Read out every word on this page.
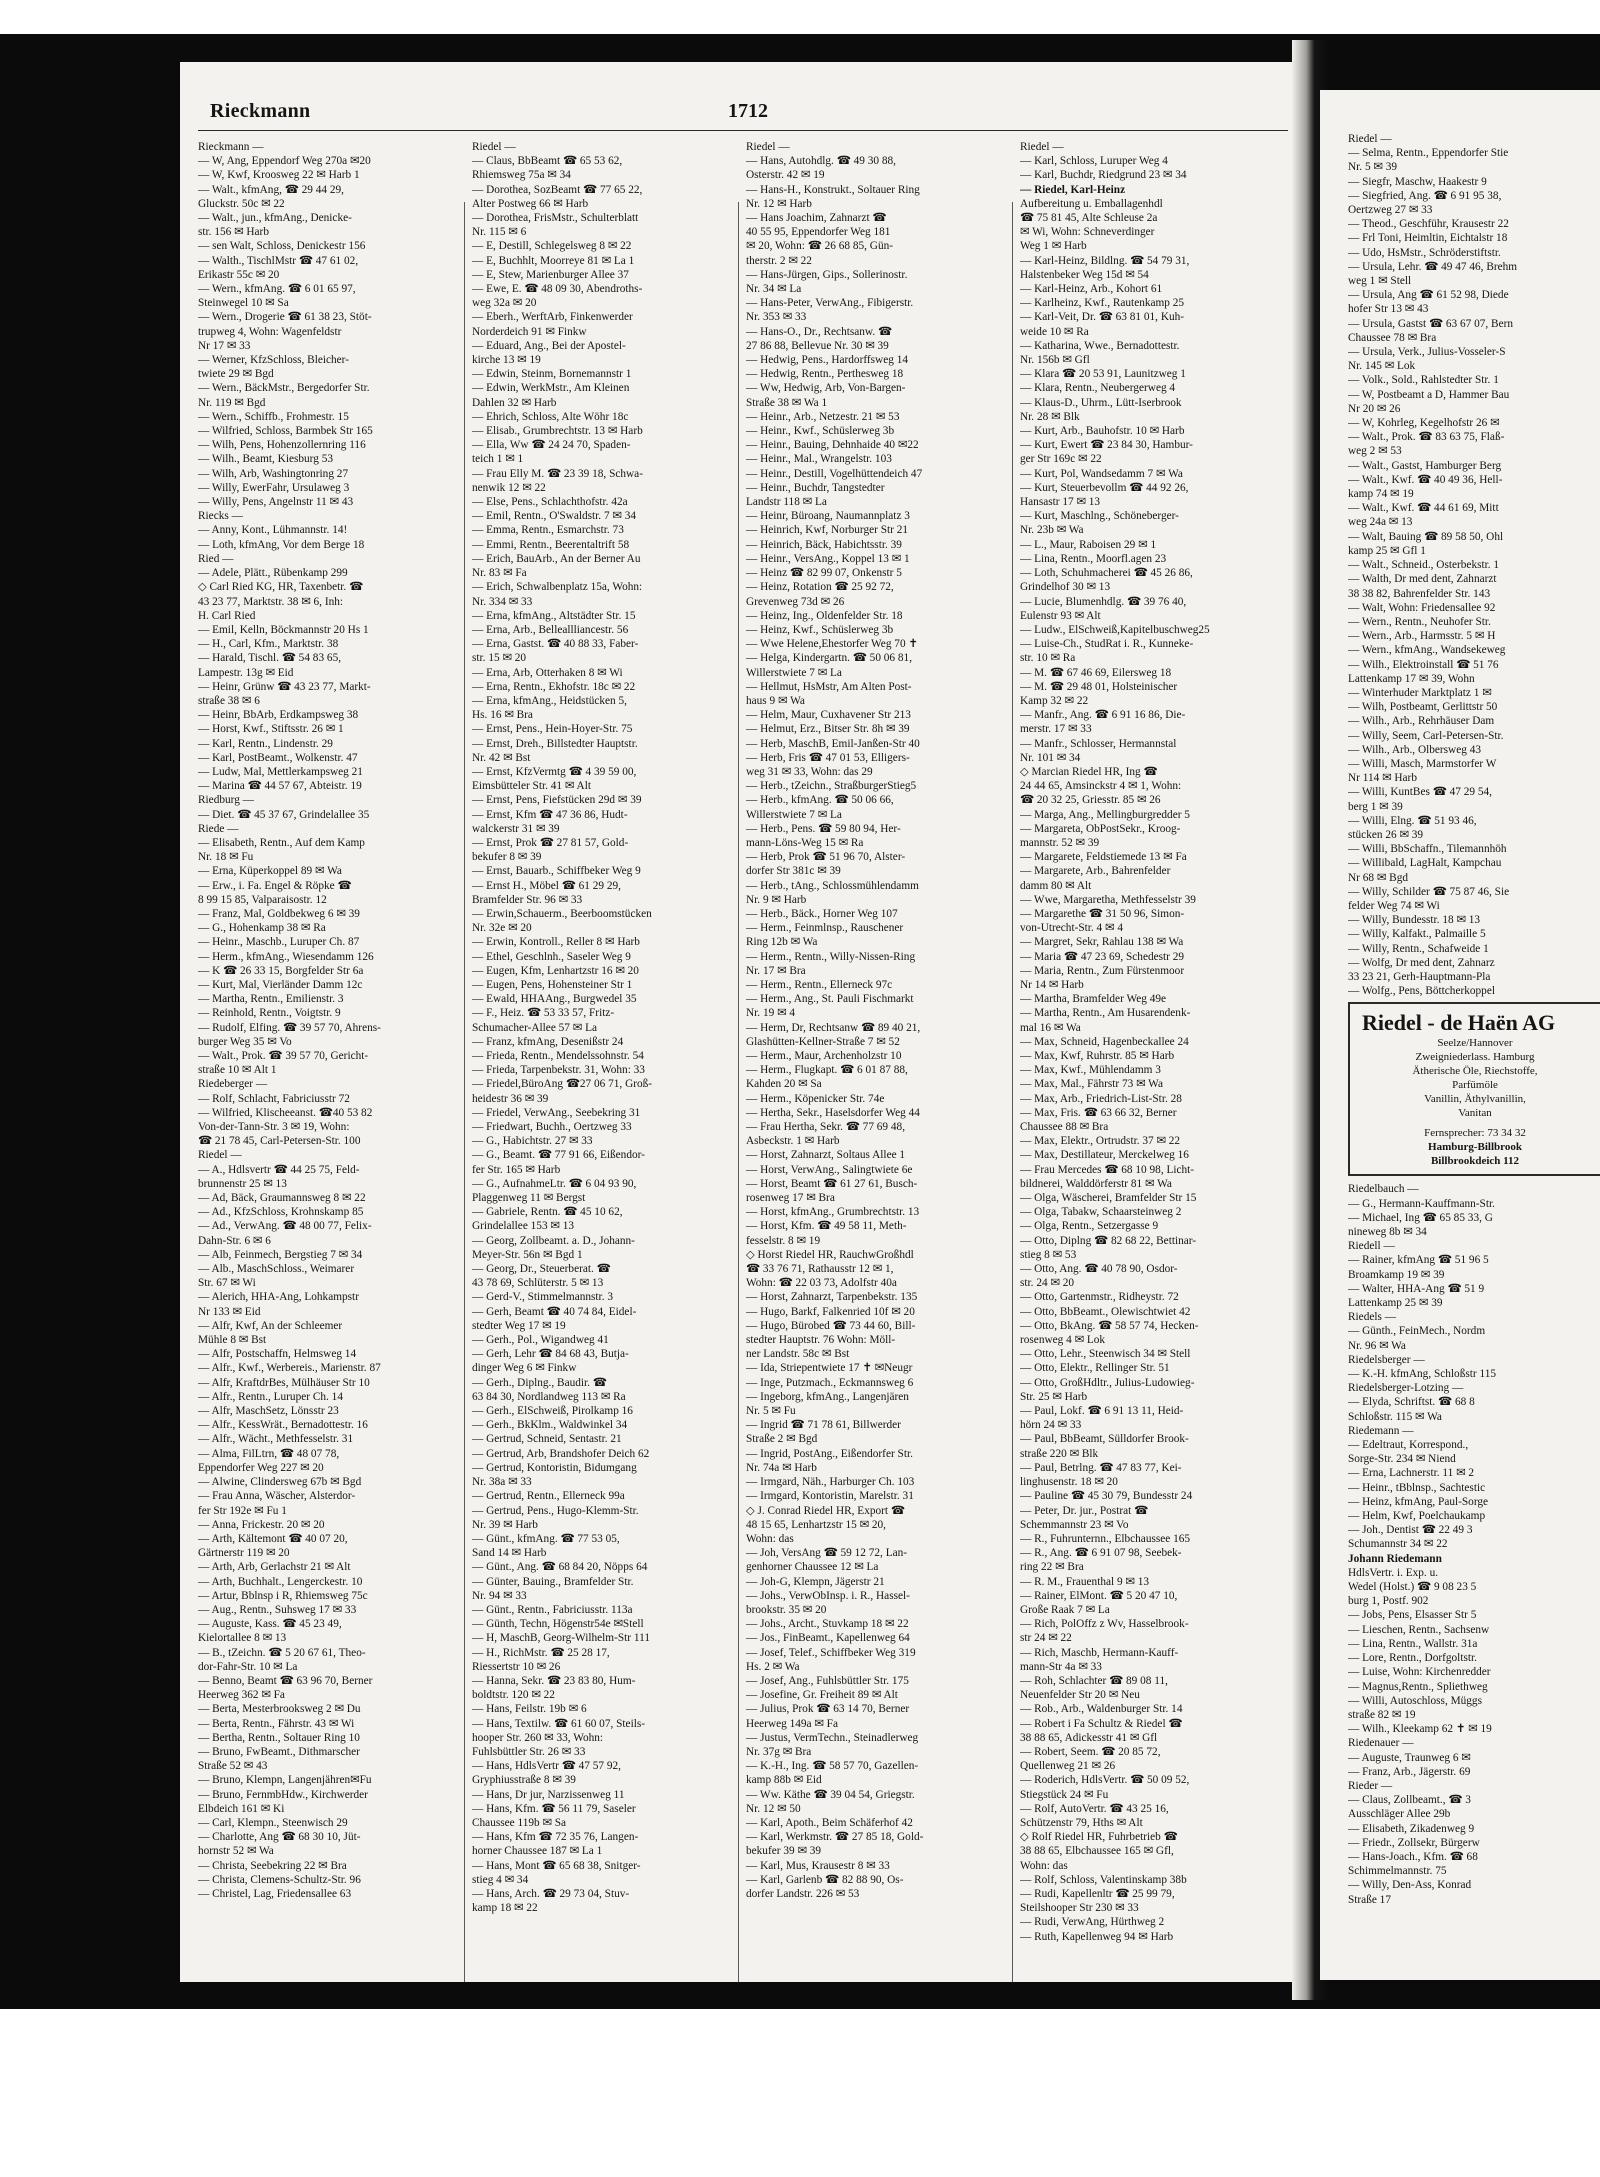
Rieckmann	1712
Rieckmann —
— W, Ang, Eppendorf Weg 270a ✉20
— W, Kwf, Kroosweg 22 ✉ Harb 1
— Walt., kfmAng, ☎ 29 44 29,
Gluckstr. 50c ✉ 22
— Walt., jun., kfmAng., Denicke-
str. 156 ✉ Harb
— sen Walt, Schloss, Denickestr 156
— Walth., TischlMstr ☎ 47 61 02,
Erikastr 55c ✉ 20
— Wern., kfmAng. ☎ 6 01 65 97,
Steinwegel 10 ✉ Sa
— Wern., Drogerie ☎ 61 38 23, Stöt-
trupweg 4, Wohn: Wagenfeldstr
Nr 17 ✉ 33
— Werner, KfzSchloss, Bleicher-
twiete 29 ✉ Bgd
— Wern., BäckMstr., Bergedorfer Str.
Nr. 119 ✉ Bgd
— Wern., Schiffb., Frohmestr. 15
— Wilfried, Schloss, Barmbek Str 165
— Wilh, Pens, Hohenzollernring 116
— Wilh., Beamt, Kiesburg 53
— Wilh, Arb, Washingtonring 27
— Willy, EwerFahr, Ursulaweg 3
— Willy, Pens, Angelnstr 11 ✉ 43
Riecks —
— Anny, Kont., Lühmannstr. 14!
— Loth, kfmAng, Vor dem Berge 18
Ried —
— Adele, Plätt., Rübenkamp 299
◇ Carl Ried KG, HR, Taxenbetr. ☎
43 23 77, Marktstr. 38 ✉ 6, Inh:
H. Carl Ried
— Emil, Kelln, Böckmannstr 20 Hs 1
— H., Carl, Kfm., Marktstr. 38
— Harald, Tischl. ☎ 54 83 65,
Lampestr. 13g ✉ Eid
— Heinr, Grünw ☎ 43 23 77, Markt-
straße 38 ✉ 6
— Heinr, BbArb, Erdkampsweg 38
— Horst, Kwf., Stiftsstr. 26 ✉ 1
— Karl, Rentn., Lindenstr. 29
— Karl, PostBeamt., Wolkenstr. 47
— Ludw, Mal, Mettlerkampsweg 21
— Marina ☎ 44 57 67, Abteistr. 19
Riedburg —
— Diet. ☎ 45 37 67, Grindelallee 35
Riede —
— Elisabeth, Rentn., Auf dem Kamp
Nr. 18 ✉ Fu
— Erna, Küperkoppel 89 ✉ Wa
— Erw., i. Fa. Engel & Röpke ☎
8 99 15 85, Valparaisostr. 12
— Franz, Mal, Goldbekweg 6 ✉ 39
— G., Hohenkamp 38 ✉ Ra
— Heinr., Maschb., Luruper Ch. 87
— Herm., kfmAng., Wiesendamm 126
— K ☎ 26 33 15, Borgfelder Str 6a
— Kurt, Mal, Vierländer Damm 12c
— Martha, Rentn., Emilienstr. 3
— Reinhold, Rentn., Voigtstr. 9
— Rudolf, Elfing. ☎ 39 57 70, Ahrens-
burger Weg 35 ✉ Vo
— Walt., Prok. ☎ 39 57 70, Gericht-
straße 10 ✉ Alt 1
Riedeberger —
— Rolf, Schlacht, Fabriciusstr 72
— Wilfried, Klischeeanst. ☎40 53 82
Von-der-Tann-Str. 3 ✉ 19, Wohn:
☎ 21 78 45, Carl-Petersen-Str. 100
Riedel —
— A., Hdlsvertr ☎ 44 25 75, Feld-
brunnenstr 25 ✉ 13
— Ad, Bäck, Graumannsweg 8 ✉ 22
— Ad., KfzSchloss, Krohnskamp 85
— Ad., VerwAng. ☎ 48 00 77, Felix-
Dahn-Str. 6 ✉ 6
— Alb, Feinmech, Bergstieg 7 ✉ 34
— Alb., MaschSchloss., Weimarer
Str. 67 ✉ Wi
— Alerich, HHA-Ang, Lohkampstr
Nr 133 ✉ Eid
— Alfr, Kwf, An der Schleemer
Mühle 8 ✉ Bst
— Alfr, Postschaffn, Helmsweg 14
— Alfr., Kwf., Werbereis., Marienstr. 87
— Alfr, KraftdrBes, Mülhäuser Str 10
— Alfr., Rentn., Luruper Ch. 14
— Alfr, MaschSetz, Lönsstr 23
— Alfr., KessWrät., Bernadottestr. 16
— Alfr., Wächt., Methfesselstr. 31
— Alma, FilLtrn, ☎ 48 07 78,
Eppendorfer Weg 227 ✉ 20
— Alwine, Clindersweg 67b ✉ Bgd
— Frau Anna, Wäscher, Alsterdor-
fer Str 192e ✉ Fu 1
— Anna, Frickestr. 20 ✉ 20
— Arth, Kältemont ☎ 40 07 20,
Gärtnerstr 119 ✉ 20
— Arth, Arb, Gerlachstr 21 ✉ Alt
— Arth, Buchhalt., Lengerckestr. 10
— Artur, Bblnsp i R, Rhiemsweg 75c
— Aug., Rentn., Suhsweg 17 ✉ 33
— Auguste, Kass. ☎ 45 23 49,
Kielortallee 8 ✉ 13
— B., tZeichn. ☎ 5 20 67 61, Theo-
dor-Fahr-Str. 10 ✉ La
— Benno, Beamt ☎ 63 96 70, Berner
Heerweg 362 ✉ Fa
— Berta, Mesterbrooksweg 2 ✉ Du
— Berta, Rentn., Fährstr. 43 ✉ Wi
— Bertha, Rentn., Soltauer Ring 10
— Bruno, FwBeamt., Dithmarscher
Straße 52 ✉ 43
— Bruno, Klempn, Langenjähren✉Fu
— Bruno, FernmbHdw., Kirchwerder
Elbdeich 161 ✉ Ki
— Carl, Klempn., Steenwisch 29
— Charlotte, Ang ☎ 68 30 10, Jüt-
hornstr 52 ✉ Wa
— Christa, Seebekring 22 ✉ Bra
— Christa, Clemens-Schultz-Str. 96
— Christel, Lag, Friedensallee 63
Riedel —
— Claus, BbBeamt ☎ 65 53 62,
Rhiemsweg 75a ✉ 34
— Dorothea, SozBeamt ☎ 77 65 22,
Alter Postweg 66 ✉ Harb
— Dorothea, FrisMstr., Schulterblatt
Nr. 115 ✉ 6
— E, Destill, Schlegelsweg 8 ✉ 22
— E, Buchhlt, Moorreye 81 ✉ La 1
— E, Stew, Marienburger Allee 37
— Ewe, E. ☎ 48 09 30, Abendroths-
weg 32a ✉ 20
— Eberh., WerftArb, Finkenwerder
Norderdeich 91 ✉ Finkw
— Eduard, Ang., Bei der Apostel-
kirche 13 ✉ 19
— Edwin, Steinm, Bornemannstr 1
— Edwin, WerkMstr., Am Kleinen
Dahlen 32 ✉ Harb
— Ehrich, Schloss, Alte Wöhr 18c
— Elisab., Grumbrechtstr. 13 ✉ Harb
— Ella, Ww ☎ 24 24 70, Spaden-
teich 1 ✉ 1
— Frau Elly M. ☎ 23 39 18, Schwa-
nenwik 12 ✉ 22
— Else, Pens., Schlachthofstr. 42a
— Emil, Rentn., O'Swaldstr. 7 ✉ 34
— Emma, Rentn., Esmarchstr. 73
— Emmi, Rentn., Beerentaltrift 58
— Erich, BauArb., An der Berner Au
Nr. 83 ✉ Fa
— Erich, Schwalbenplatz 15a, Wohn:
Nr. 334 ✉ 33
— Erna, kfmAng., Altstädter Str. 15
— Erna, Arb., Belleallliancestr. 56
— Erna, Gastst. ☎ 40 88 33, Faber-
str. 15 ✉ 20
— Erna, Arb, Otterhaken 8 ✉ Wi
— Erna, Rentn., Ekhofstr. 18c ✉ 22
— Erna, kfmAng., Heidstücken 5,
Hs. 16 ✉ Bra
— Ernst, Pens., Hein-Hoyer-Str. 75
— Ernst, Dreh., Billstedter Hauptstr.
Nr. 42 ✉ Bst
— Ernst, KfzVermtg ☎ 4 39 59 00,
Eimsbütteler Str. 41 ✉ Alt
— Ernst, Pens, Fiefstücken 29d ✉ 39
— Ernst, Kfm ☎ 47 36 86, Hudt-
walckerstr 31 ✉ 39
— Ernst, Prok ☎ 27 81 57, Gold-
bekufer 8 ✉ 39
— Ernst, Bauarb., Schiffbeker Weg 9
— Ernst H., Möbel ☎ 61 29 29,
Bramfelder Str. 96 ✉ 33
— Erwin,Schauerm., Beerboomstücken
Nr. 32e ✉ 20
— Erwin, Kontroll., Reller 8 ✉ Harb
— Ethel, Geschlnh., Saseler Weg 9
— Eugen, Kfm, Lenhartzstr 16 ✉ 20
— Eugen, Pens, Hohensteiner Str 1
— Ewald, HHAAng., Burgwedel 35
— F., Heiz. ☎ 53 33 57, Fritz-
Schumacher-Allee 57 ✉ La
— Franz, kfmAng, Desenißstr 24
— Frieda, Rentn., Mendelssohnstr. 54
— Frieda, Tarpenbekstr. 31, Wohn: 33
— Friedel,BüroAng ☎27 06 71, Groß-
heidestr 36 ✉ 39
— Friedel, VerwAng., Seebekring 31
— Friedwart, Buchh., Oertzweg 33
— G., Habichtstr. 27 ✉ 33
— G., Beamt. ☎ 77 91 66, Eißendor-
fer Str. 165 ✉ Harb
— G., AufnahmeLtr. ☎ 6 04 93 90,
Plaggenweg 11 ✉ Bergst
— Gabriele, Rentn. ☎ 45 10 62,
Grindelallee 153 ✉ 13
— Georg, Zollbeamt. a. D., Johann-
Meyer-Str. 56n ✉ Bgd 1
— Georg, Dr., Steuerberat. ☎
43 78 69, Schlüterstr. 5 ✉ 13
— Gerd-V., Stimmelmannstr. 3
— Gerh, Beamt ☎ 40 74 84, Eidel-
stedter Weg 17 ✉ 19
— Gerh., Pol., Wigandweg 41
— Gerh, Lehr ☎ 84 68 43, Butja-
dinger Weg 6 ✉ Finkw
— Gerh., Diplng., Baudir. ☎
63 84 30, Nordlandweg 113 ✉ Ra
— Gerh., ElSchweiß, Pirolkamp 16
— Gerh., BkKlm., Waldwinkel 34
— Gertrud, Schneid, Sentastr. 21
— Gertrud, Arb, Brandshofer Deich 62
— Gertrud, Kontoristin, Bidumgang
Nr. 38a ✉ 33
— Gertrud, Rentn., Ellerneck 99a
— Gertrud, Pens., Hugo-Klemm-Str.
Nr. 39 ✉ Harb
— Günt., kfmAng. ☎ 77 53 05,
Sand 14 ✉ Harb
— Günt., Ang. ☎ 68 84 20, Nöpps 64
— Günter, Bauing., Bramfelder Str.
Nr. 94 ✉ 33
— Günt., Rentn., Fabriciusstr. 113a
— Günth, Techn, Högenstr54e ✉Stell
— H, MaschB, Georg-Wilhelm-Str 111
— H., RichMstr. ☎ 25 28 17,
Riessertstr 10 ✉ 26
— Hanna, Sekr. ☎ 23 83 80, Hum-
boldtstr. 120 ✉ 22
— Hans, Feilstr. 19b ✉ 6
— Hans, Textilw. ☎ 61 60 07, Steils-
hooper Str. 260 ✉ 33, Wohn:
Fuhlsbüttler Str. 26 ✉ 33
— Hans, HdlsVertr ☎ 47 57 92,
Gryphiusstraße 8 ✉ 39
— Hans, Dr jur, Narzissenweg 11
— Hans, Kfm. ☎ 56 11 79, Saseler
Chaussee 119b ✉ Sa
— Hans, Kfm ☎ 72 35 76, Langen-
horner Chaussee 187 ✉ La 1
— Hans, Mont ☎ 65 68 38, Snitger-
stieg 4 ✉ 34
— Hans, Arch. ☎ 29 73 04, Stuv-
kamp 18 ✉ 22
Riedel —
— Hans, Autohdlg. ☎ 49 30 88,
Osterstr. 42 ✉ 19
— Hans-H., Konstrukt., Soltauer Ring
Nr. 12 ✉ Harb
— Hans Joachim, Zahnarzt ☎
40 55 95, Eppendorfer Weg 181
✉ 20, Wohn: ☎ 26 68 85, Gün-
therstr. 2 ✉ 22
— Hans-Jürgen, Gips., Sollerinostr.
Nr. 34 ✉ La
— Hans-Peter, VerwAng., Fibigerstr.
Nr. 353 ✉ 33
— Hans-O., Dr., Rechtsanw. ☎
27 86 88, Bellevue Nr. 30 ✉ 39
— Hedwig, Pens., Hardorffsweg 14
— Hedwig, Rentn., Perthesweg 18
— Ww, Hedwig, Arb, Von-Bargen-
Straße 38 ✉ Wa 1
— Heinr., Arb., Netzestr. 21 ✉ 53
— Heinr., Kwf., Schüslerweg 3b
— Heinr., Bauing, Dehnhaide 40 ✉22
— Heinr., Mal., Wrangelstr. 103
— Heinr., Destill, Vogelhüttendeich 47
— Heinr., Buchdr, Tangstedter
Landstr 118 ✉ La
— Heinr, Büroang, Naumannplatz 3
— Heinrich, Kwf, Norburger Str 21
— Heinrich, Bäck, Habichtsstr. 39
— Heinr., VersAng., Koppel 13 ✉ 1
— Heinz ☎ 82 99 07, Onkenstr 5
— Heinz, Rotation ☎ 25 92 72,
Grevenweg 73d ✉ 26
— Heinz, Ing., Oldenfelder Str. 18
— Heinz, Kwf., Schüslerweg 3b
— Wwe Helene,Ehestorfer Weg 70 ✝
— Helga, Kindergartn. ☎ 50 06 81,
Willerstwiete 7 ✉ La
— Hellmut, HsMstr, Am Alten Post-
haus 9 ✉ Wa
— Helm, Maur, Cuxhavener Str 213
— Helmut, Erz., Bitser Str. 8h ✉ 39
— Herb, MaschB, Emil-Janßen-Str 40
— Herb, Fris ☎ 47 01 53, Elligers-
weg 31 ✉ 33, Wohn: das 29
— Herb., tZeichn., StraßburgerStieg5
— Herb., kfmAng. ☎ 50 06 66,
Willerstwiete 7 ✉ La
— Herb., Pens. ☎ 59 80 94, Her-
mann-Löns-Weg 15 ✉ Ra
— Herb, Prok ☎ 51 96 70, Alster-
dorfer Str 381c ✉ 39
— Herb., tAng., Schlossmühlendamm
Nr. 9 ✉ Harb
— Herb., Bäck., Horner Weg 107
— Herm., Feinmlnsp., Rauschener
Ring 12b ✉ Wa
— Herm., Rentn., Willy-Nissen-Ring
Nr. 17 ✉ Bra
— Herm., Rentn., Ellerneck 97c
— Herm., Ang., St. Pauli Fischmarkt
Nr. 19 ✉ 4
— Herm, Dr, Rechtsanw ☎ 89 40 21,
Glashütten-Kellner-Straße 7 ✉ 52
— Herm., Maur, Archenholzstr 10
— Herm., Flugkapt. ☎ 6 01 87 88,
Kahden 20 ✉ Sa
— Herm., Köpenicker Str. 74e
— Hertha, Sekr., Haselsdorfer Weg 44
— Frau Hertha, Sekr. ☎ 77 69 48,
Asbeckstr. 1 ✉ Harb
— Horst, Zahnarzt, Soltaus Allee 1
— Horst, VerwAng., Salingtwiete 6e
— Horst, Beamt ☎ 61 27 61, Busch-
rosenweg 17 ✉ Bra
— Horst, kfmAng., Grumbrechtstr. 13
— Horst, Kfm. ☎ 49 58 11, Meth-
fesselstr. 8 ✉ 19
◇ Horst Riedel HR, RauchwGroßhdl
☎ 33 76 71, Rathausstr 12 ✉ 1,
Wohn: ☎ 22 03 73, Adolfstr 40a
— Horst, Zahnarzt, Tarpenbekstr. 135
— Hugo, Barkf, Falkenried 10f ✉ 20
— Hugo, Bürobed ☎ 73 44 60, Bill-
stedter Hauptstr. 76 Wohn: Möll-
ner Landstr. 58c ✉ Bst
— Ida, Striepentwiete 17 ✝ ✉Neugr
— Inge, Putzmach., Eckmannsweg 6
— Ingeborg, kfmAng., Langenjären
Nr. 5 ✉ Fu
— Ingrid ☎ 71 78 61, Billwerder
Straße 2 ✉ Bgd
— Ingrid, PostAng., Eißendorfer Str.
Nr. 74a ✉ Harb
— Irmgard, Näh., Harburger Ch. 103
— Irmgard, Kontoristin, Marelstr. 31
◇ J. Conrad Riedel HR, Export ☎
48 15 65, Lenhartzstr 15 ✉ 20,
Wohn: das
— Joh, VersAng ☎ 59 12 72, Lan-
genhorner Chaussee 12 ✉ La
— Joh-G, Klempn, Jägerstr 21
— Johs., VerwObInsp. i. R., Hassel-
brookstr. 35 ✉ 20
— Johs., Archt., Stuvkamp 18 ✉ 22
— Jos., FinBeamt., Kapellenweg 64
— Josef, Telef., Schiffbeker Weg 319
Hs. 2 ✉ Wa
— Josef, Ang., Fuhlsbüttler Str. 175
— Josefine, Gr. Freiheit 89 ✉ Alt
— Julius, Prok ☎ 63 14 70, Berner
Heerweg 149a ✉ Fa
— Justus, VermTechn., Steinadlerweg
Nr. 37g ✉ Bra
— K.-H., Ing. ☎ 58 57 70, Gazellen-
kamp 88b ✉ Eid
— Ww. Käthe ☎ 39 04 54, Griegstr.
Nr. 12 ✉ 50
— Karl, Apoth., Beim Schäferhof 42
— Karl, Werkmstr. ☎ 27 85 18, Gold-
bekufer 39 ✉ 39
— Karl, Mus, Krausestr 8 ✉ 33
— Karl, Garlenb ☎ 82 88 90, Os-
dorfer Landstr. 226 ✉ 53
Riedel —
— Karl, Schloss, Luruper Weg 4
— Karl, Buchdr, Riedgrund 23 ✉ 34
— Riedel, Karl-Heinz
Aufbereitung u. Emballagenhdl
☎ 75 81 45, Alte Schleuse 2a
✉ Wi, Wohn: Schneverdinger
Weg 1 ✉ Harb
— Karl-Heinz, Bildlng. ☎ 54 79 31,
Halstenbeker Weg 15d ✉ 54
— Karl-Heinz, Arb., Kohort 61
— Karlheinz, Kwf., Rautenkamp 25
— Karl-Veit, Dr. ☎ 63 81 01, Kuh-
weide 10 ✉ Ra
— Katharina, Wwe., Bernadottestr.
Nr. 156b ✉ Gfl
— Klara ☎ 20 53 91, Launitzweg 1
— Klara, Rentn., Neubergerweg 4
— Klaus-D., Uhrm., Lütt-Iserbrook
Nr. 28 ✉ Blk
— Kurt, Arb., Bauhofstr. 10 ✉ Harb
— Kurt, Ewert ☎ 23 84 30, Hambur-
ger Str 169c ✉ 22
— Kurt, Pol, Wandsedamm 7 ✉ Wa
— Kurt, Steuerbevollm ☎ 44 92 26,
Hansastr 17 ✉ 13
— Kurt, Maschlng., Schöneberger-
Nr. 23b ✉ Wa
— L., Maur, Raboisen 29 ✉ 1
— Lina, Rentn., Moorfl.agen 23
— Loth, Schuhmacherei ☎ 45 26 86,
Grindelhof 30 ✉ 13
— Lucie, Blumenhdlg. ☎ 39 76 40,
Eulenstr 93 ✉ Alt
— Ludw., ElSchweiß,Kapitelbuschweg25
— Luise-Ch., StudRat i. R., Kunneke-
str. 10 ✉ Ra
— M. ☎ 67 46 69, Eilersweg 18
— M. ☎ 29 48 01, Holsteinischer
Kamp 32 ✉ 22
— Manfr., Ang. ☎ 6 91 16 86, Die-
merstr. 17 ✉ 33
— Manfr., Schlosser, Hermannstal
Nr. 101 ✉ 34
◇ Marcian Riedel HR, Ing ☎
24 44 65, Amsinckstr 4 ✉ 1, Wohn:
☎ 20 32 25, Griesstr. 85 ✉ 26
— Marga, Ang., Mellingburgredder 5
— Margareta, ObPostSekr., Kroog-
mannstr. 52 ✉ 39
— Margarete, Feldstiemede 13 ✉ Fa
— Margarete, Arb., Bahrenfelder
damm 80 ✉ Alt
— Wwe, Margaretha, Methfesselstr 39
— Margarethe ☎ 31 50 96, Simon-
von-Utrecht-Str. 4 ✉ 4
— Margret, Sekr, Rahlau 138 ✉ Wa
— Maria ☎ 47 23 69, Schedestr 29
— Maria, Rentn., Zum Fürstenmoor
Nr 14 ✉ Harb
— Martha, Bramfelder Weg 49e
— Martha, Rentn., Am Husarendenk-
mal 16 ✉ Wa
— Max, Schneid, Hagenbeckallee 24
— Max, Kwf, Ruhrstr. 85 ✉ Harb
— Max, Kwf., Mühlendamm 3
— Max, Mal., Fährstr 73 ✉ Wa
— Max, Arb., Friedrich-List-Str. 28
— Max, Fris. ☎ 63 66 32, Berner
Chaussee 88 ✉ Bra
— Max, Elektr., Ortrudstr. 37 ✉ 22
— Max, Destillateur, Merckelweg 16
— Frau Mercedes ☎ 68 10 98, Licht-
bildnerei, Walddörferstr 81 ✉ Wa
— Olga, Wäscherei, Bramfelder Str 15
— Olga, Tabakw, Schaarsteinweg 2
— Olga, Rentn., Setzergasse 9
— Otto, Diplng ☎ 82 68 22, Bettinar-
stieg 8 ✉ 53
— Otto, Ang. ☎ 40 78 90, Osdor-
str. 24 ✉ 20
— Otto, Gartenmstr., Ridheystr. 72
— Otto, BbBeamt., Olewischtwiet 42
— Otto, BkAng. ☎ 58 57 74, Hecken-
rosenweg 4 ✉ Lok
— Otto, Lehr., Steenwisch 34 ✉ Stell
— Otto, Elektr., Rellinger Str. 51
— Otto, GroßHdltr., Julius-Ludowieg-
Str. 25 ✉ Harb
— Paul, Lokf. ☎ 6 91 13 11, Heid-
hörn 24 ✉ 33
— Paul, BbBeamt, Sülldorfer Brook-
straße 220 ✉ Blk
— Paul, Betrlng. ☎ 47 83 77, Kei-
linghusenstr. 18 ✉ 20
— Pauline ☎ 45 30 79, Bundesstr 24
— Peter, Dr. jur., Postrat ☎
Schemmannstr 23 ✉ Vo
— R., Fuhrunternn., Elbchaussee 165
— R., Ang. ☎ 6 91 07 98, Seebek-
ring 22 ✉ Bra
— R. M., Frauenthal 9 ✉ 13
— Rainer, ElMont. ☎ 5 20 47 10,
Große Raak 7 ✉ La
— Rich, PolOffz z Wv, Hasselbrook-
str 24 ✉ 22
— Rich, Maschb, Hermann-Kauff-
mann-Str 4a ✉ 33
— Roh, Schlachter ☎ 89 08 11,
Neuenfelder Str 20 ✉ Neu
— Rob., Arb., Waldenburger Str. 14
— Robert i Fa Schultz & Riedel ☎
38 88 65, Adickesstr 41 ✉ Gfl
— Robert, Seem. ☎ 20 85 72,
Quellenweg 21 ✉ 26
— Roderich, HdlsVertr. ☎ 50 09 52,
Stiegstück 24 ✉ Fu
— Rolf, AutoVertr. ☎ 43 25 16,
Schützenstr 79, Hths ✉ Alt
◇ Rolf Riedel HR, Fuhrbetrieb ☎
38 88 65, Elbchaussee 165 ✉ Gfl,
Wohn: das
— Rolf, Schloss, Valentinskamp 38b
— Rudi, Kapellenltr ☎ 25 99 79,
Steilshooper Str 230 ✉ 33
— Rudi, VerwAng, Hürthweg 2
— Ruth, Kapellenweg 94 ✉ Harb
Riedel —
— Selma, Rentn., Eppendorfer Stie
Nr. 5 ✉ 39
— Siegfr, Maschw, Haakestr 9
— Siegfried, Ang. ☎ 6 91 95 38,
Oertzweg 27 ✉ 33
— Theod., Geschführ, Krausestr 22
— Frl Toni, Heimltin, Eichtalstr 18
— Udo, HsMstr., Schröderstiftstr.
— Ursula, Lehr. ☎ 49 47 46, Brehm
weg 1 ✉ Stell
— Ursula, Ang ☎ 61 52 98, Diede
hofer Str 13 ✉ 43
— Ursula, Gastst ☎ 63 67 07, Bern
Chaussee 78 ✉ Bra
— Ursula, Verk., Julius-Vosseler-S
Nr. 145 ✉ Lok
— Volk., Sold., Rahlstedter Str. 1
— W, Postbeamt a D, Hammer Bau
Nr 20 ✉ 26
— W, Kohrleg, Kegelhofstr 26 ✉
— Walt., Prok. ☎ 83 63 75, Flaß-
weg 2 ✉ 53
— Walt., Gastst, Hamburger Berg
— Walt., Kwf. ☎ 40 49 36, Hell-
kamp 74 ✉ 19
— Walt., Kwf. ☎ 44 61 69, Mitt
weg 24a ✉ 13
— Walt, Bauing ☎ 89 58 50, Ohl
kamp 25 ✉ Gfl 1
— Walt., Schneid., Osterbekstr. 1
— Walth, Dr med dent, Zahnarzt
38 38 82, Bahrenfelder Str. 143
— Walt, Wohn: Friedensallee 92
— Wern., Rentn., Neuhofer Str.
— Wern., Arb., Harmsstr. 5 ✉ H
— Wern., kfmAng., Wandsekeweg
— Wilh., Elektroinstall ☎ 51 76
Lattenkamp 17 ✉ 39, Wohn
— Winterhuder Marktplatz 1 ✉
— Wilh, Postbeamt, Gerlittstr 50
— Wilh., Arb., Rehrhäuser Dam
— Willy, Seem, Carl-Petersen-Str.
— Wilh., Arb., Olbersweg 43
— Willi, Masch, Marmstorfer W
Nr 114 ✉ Harb
— Willi, KuntBes ☎ 47 29 54,
berg 1 ✉ 39
— Willi, Elng. ☎ 51 93 46,
stücken 26 ✉ 39
— Willi, BbSchaffn., Tilemannhöh
— Willibald, LagHalt, Kampchau
Nr 68 ✉ Bgd
— Willy, Schilder ☎ 75 87 46, Sie
felder Weg 74 ✉ Wi
— Willy, Bundesstr. 18 ✉ 13
— Willy, Kalfakt., Palmaille 5
— Willy, Rentn., Schafweide 1
— Wolfg, Dr med dent, Zahnarz
33 23 21, Gerh-Hauptmann-Pla
— Wolfg., Pens, Böttcherkoppel
Riedel - de Haën AG
Seelze/Hannover
Zweigniederlass. Hamburg
Ätherische Öle, Riechstoffe,
Parfümöle
Vanillin, Äthylvanillin,
Vanitan
Fernsprecher: 73 34 32
Hamburg-Billbrook
Billbrookdeich 112
Riedelbauch —
— G., Hermann-Kauffmann-Str.
— Michael, Ing ☎ 65 85 33, G
nineweg 8b ✉ 34
Riedell —
— Rainer, kfmAng ☎ 51 96 5
Broamkamp 19 ✉ 39
— Walter, HHA-Ang ☎ 51 9
Lattenkamp 25 ✉ 39
Riedels —
— Günth., FeinMech., Nordm
Nr. 96 ✉ Wa
Riedelsberger —
— K.-H. kfmAng, Schloßstr 115
Riedelsberger-Lotzing —
— Elyda, Schriftst. ☎ 68 8
Schloßstr. 115 ✉ Wa
Riedemann —
— Edeltraut, Korrespond.,
Sorge-Str. 234 ✉ Niend
— Erna, Lachnerstr. 11 ✉ 2
— Heinr., tBblnsp., Sachtestic
— Heinz, kfmAng, Paul-Sorge
— Helm, Kwf, Poelchaukamp
— Joh., Dentist ☎ 22 49 3
Schumannstr 34 ✉ 22
Johann Riedemann
HdlsVertr. i. Exp. u.
Wedel (Holst.) ☎ 9 08 23 5
burg 1, Postf. 902
— Jobs, Pens, Elsasser Str 5
— Lieschen, Rentn., Sachsenw
— Lina, Rentn., Wallstr. 31a
— Lore, Rentn., Dorfgoltstr.
— Luise, Wohn: Kirchenredder
— Magnus,Rentn., Spliethweg
— Willi, Autoschloss, Müggs
straße 82 ✉ 19
— Wilh., Kleekamp 62 ✝ ✉ 19
Riedenauer —
— Auguste, Traunweg 6 ✉
— Franz, Arb., Jägerstr. 69
Rieder —
— Claus, Zollbeamt., ☎ 3
Ausschläger Allee 29b
— Elisabeth, Zikadenweg 9
— Friedr., Zollsekr, Bürgerw
— Hans-Joach., Kfm. ☎ 68
Schimmelmannstr. 75
— Willy, Den-Ass, Konrad
Straße 17
